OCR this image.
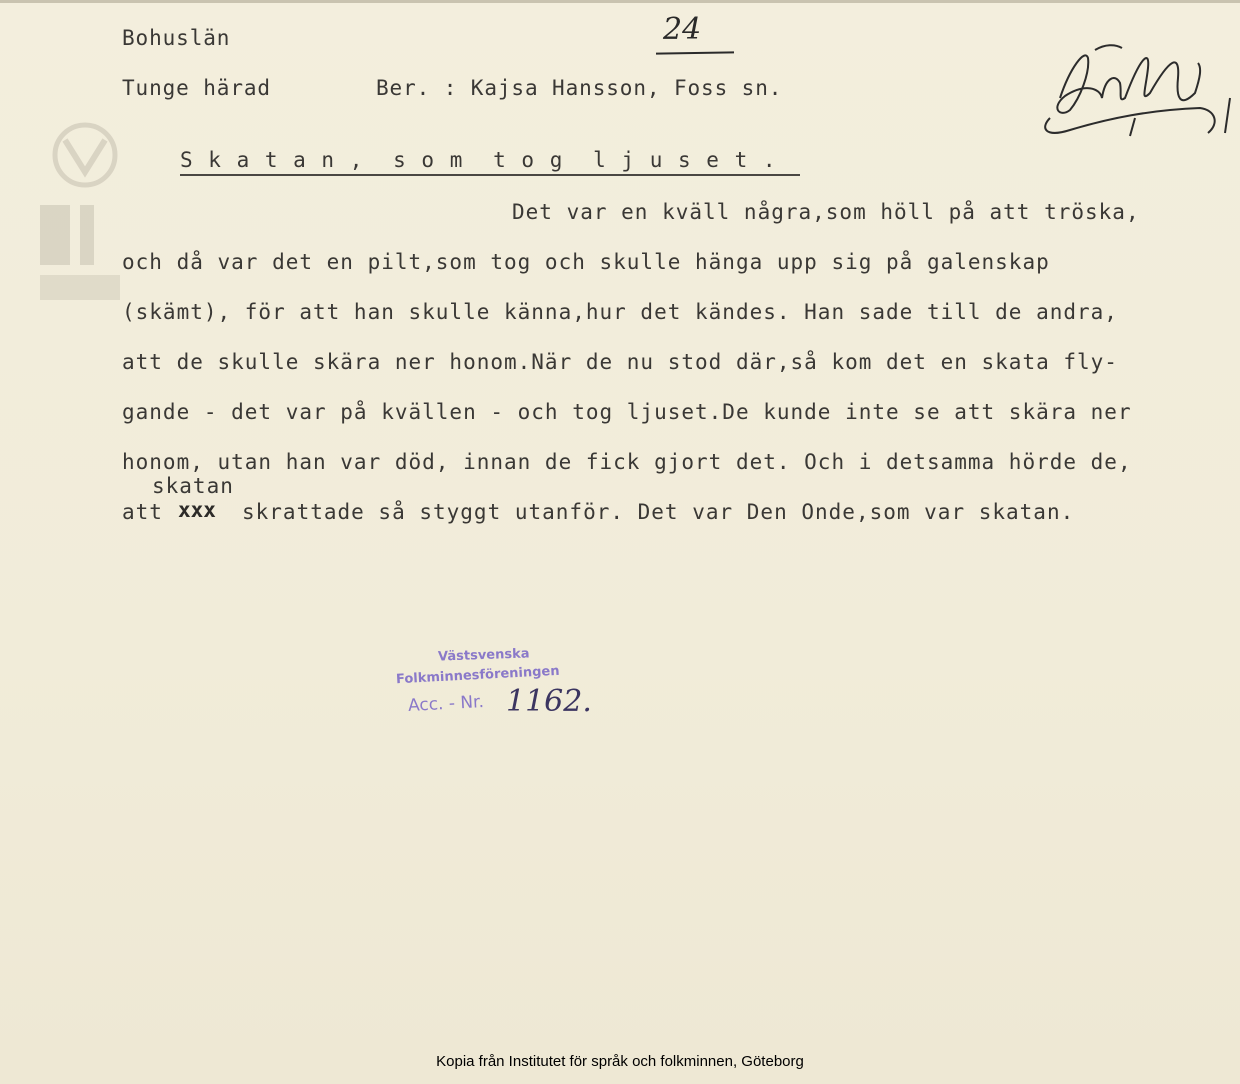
Bohuslän
Tunge härad	Ber. : Kajsa Hansson, Foss sn.
24
S k a t a n ,  s o m  t o g  l j u s e t .
Det var en kväll några,som höll på att tröska,
och då var det en pilt,som tog och skulle hänga upp sig på galenskap
(skämt), för att han skulle känna,hur det kändes. Han sade till de andra,
att de skulle skära ner honom.När de nu stod där,så kom det en skata fly-
gande - det var på kvällen - och tog ljuset.De kunde inte se att skära ner
honom, utan han var död, innan de fick gjort det. Och i detsamma hörde de,
skatan
att xxx skrattade så styggt utanför. Det var Den Onde,som var skatan.
Västsvenska
Folkminnesföreningen
Acc. - Nr. 1162.
Kopia från Institutet för språk och folkminnen, Göteborg
